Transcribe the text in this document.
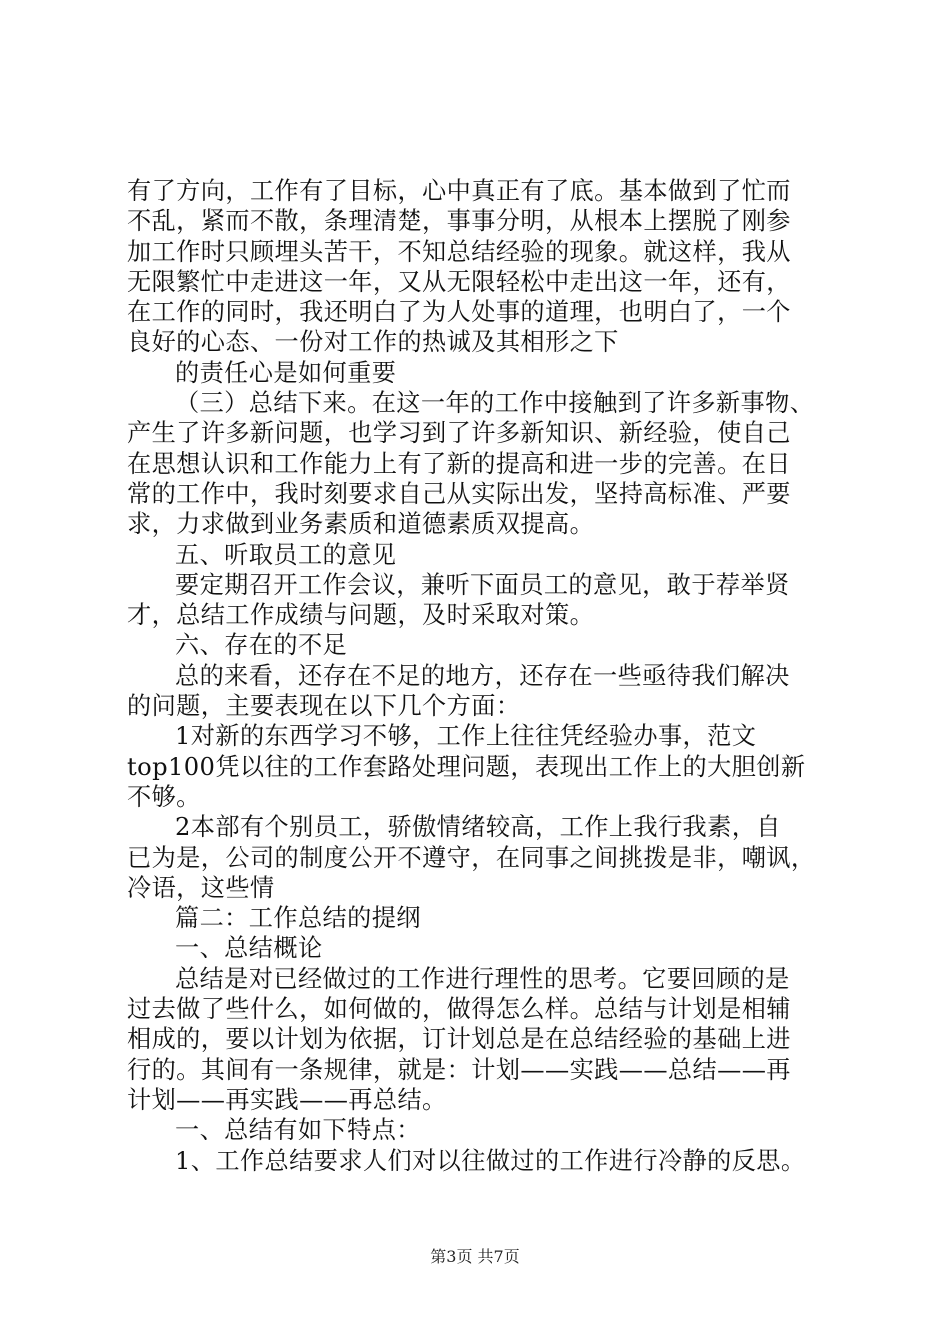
有了方向，工作有了目标，心中真正有了底。基本做到了忙而
不乱，紧而不散，条理清楚，事事分明，从根本上摆脱了刚参
加工作时只顾埋头苦干，不知总结经验的现象。就这样，我从
无限繁忙中走进这一年，又从无限轻松中走出这一年，还有，
在工作的同时，我还明白了为人处事的道理，也明白了，一个
良好的心态、一份对工作的热诚及其相形之下
的责任心是如何重要
（三）总结下来。在这一年的工作中接触到了许多新事物、
产生了许多新问题，也学习到了许多新知识、新经验，使自己
在思想认识和工作能力上有了新的提高和进一步的完善。在日
常的工作中，我时刻要求自己从实际出发，坚持高标准、严要
求，力求做到业务素质和道德素质双提高。
五、听取员工的意见
要定期召开工作会议，兼听下面员工的意见，敢于荐举贤
才，总结工作成绩与问题，及时采取对策。
六、存在的不足
总的来看，还存在不足的地方，还存在一些亟待我们解决
的问题，主要表现在以下几个方面：
1对新的东西学习不够，工作上往往凭经验办事，范文
top100凭以往的工作套路处理问题，表现出工作上的大胆创新
不够。
2本部有个别员工，骄傲情绪较高，工作上我行我素，自
已为是，公司的制度公开不遵守，在同事之间挑拨是非，嘲讽，
冷语，这些情
篇二：工作总结的提纲
一、总结概论
总结是对已经做过的工作进行理性的思考。它要回顾的是
过去做了些什么，如何做的，做得怎么样。总结与计划是相辅
相成的，要以计划为依据，订计划总是在总结经验的基础上进
行的。其间有一条规律，就是：计划——实践——总结——再
计划——再实践——再总结。
一、总结有如下特点：
1、工作总结要求人们对以往做过的工作进行冷静的反思。
第3页 共7页
